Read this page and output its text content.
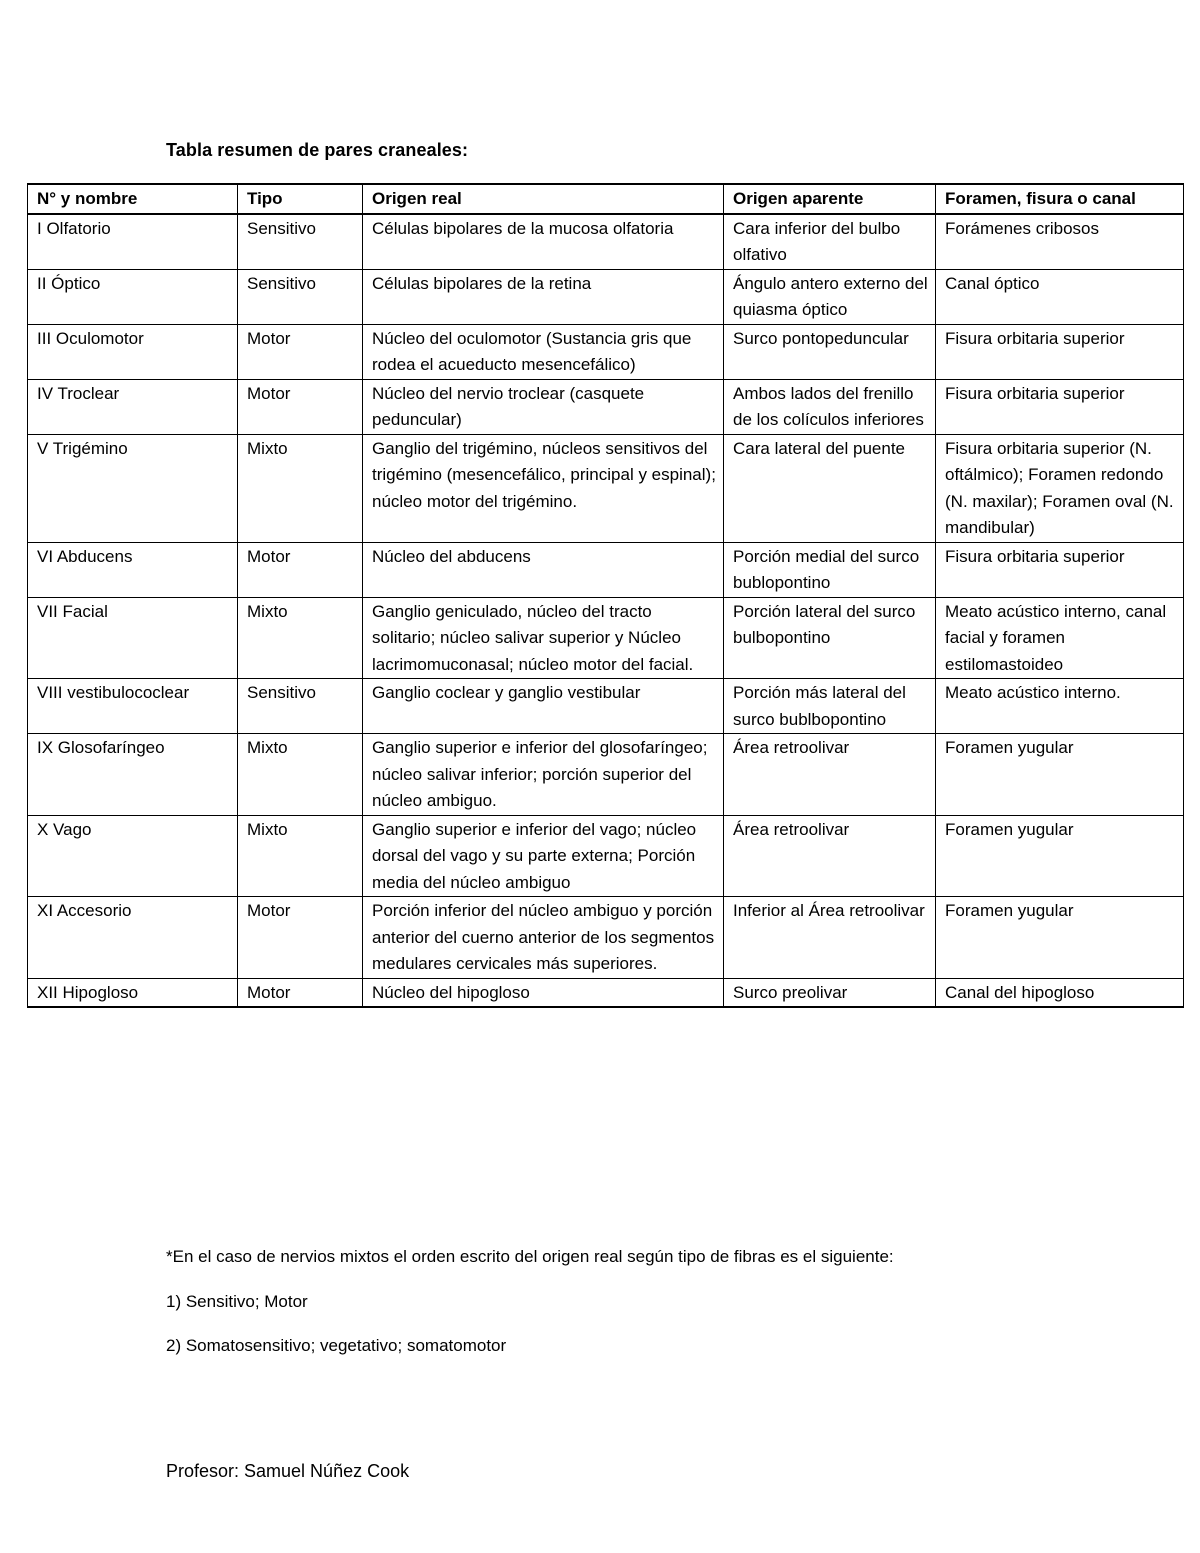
Tabla resumen de pares craneales:
N° y nombre	Tipo	Origen real	Origen aparente	Foramen, fisura o canal
I Olfatorio	Sensitivo	Células bipolares de la mucosa olfatoria	Cara inferior del bulbo olfativo	Forámenes cribosos
II Óptico	Sensitivo	Células bipolares de la retina	Ángulo antero externo del quiasma óptico	Canal óptico
III Oculomotor	Motor	Núcleo del oculomotor (Sustancia gris que rodea el acueducto mesencefálico)	Surco pontopeduncular	Fisura orbitaria superior
IV Troclear	Motor	Núcleo del nervio troclear (casquete peduncular)	Ambos lados del frenillo de los colículos inferiores	Fisura orbitaria superior
V Trigémino	Mixto	Ganglio del trigémino, núcleos sensitivos del trigémino (mesencefálico, principal y espinal); núcleo motor del trigémino.	Cara lateral del puente	Fisura orbitaria superior (N. oftálmico); Foramen redondo (N. maxilar); Foramen oval (N. mandibular)
VI Abducens	Motor	Núcleo del abducens	Porción medial del surco bublopontino	Fisura orbitaria superior
VII Facial	Mixto	Ganglio geniculado, núcleo del tracto solitario; núcleo salivar superior y Núcleo lacrimomuconasal; núcleo motor del facial.	Porción lateral del surco bulbopontino	Meato acústico interno, canal facial y foramen estilomastoideo
VIII vestibulococlear	Sensitivo	Ganglio coclear y ganglio vestibular	Porción más lateral del surco bublbopontino	Meato acústico interno.
IX Glosofaríngeo	Mixto	Ganglio superior e inferior del glosofaríngeo; núcleo salivar inferior; porción superior del núcleo ambiguo.	Área retroolivar	Foramen yugular
X Vago	Mixto	Ganglio superior e inferior del vago; núcleo dorsal del vago y su parte externa; Porción media del núcleo ambiguo	Área retroolivar	Foramen yugular
XI Accesorio	Motor	Porción inferior del núcleo ambiguo y porción anterior del cuerno anterior de los segmentos medulares cervicales más superiores.	Inferior al Área retroolivar	Foramen yugular
XII Hipogloso	Motor	Núcleo del hipogloso	Surco preolivar	Canal del hipogloso
*En el caso de nervios mixtos el orden escrito del origen real según tipo de fibras es el siguiente:
1) Sensitivo; Motor
2) Somatosensitivo; vegetativo; somatomotor
Profesor: Samuel Núñez Cook
